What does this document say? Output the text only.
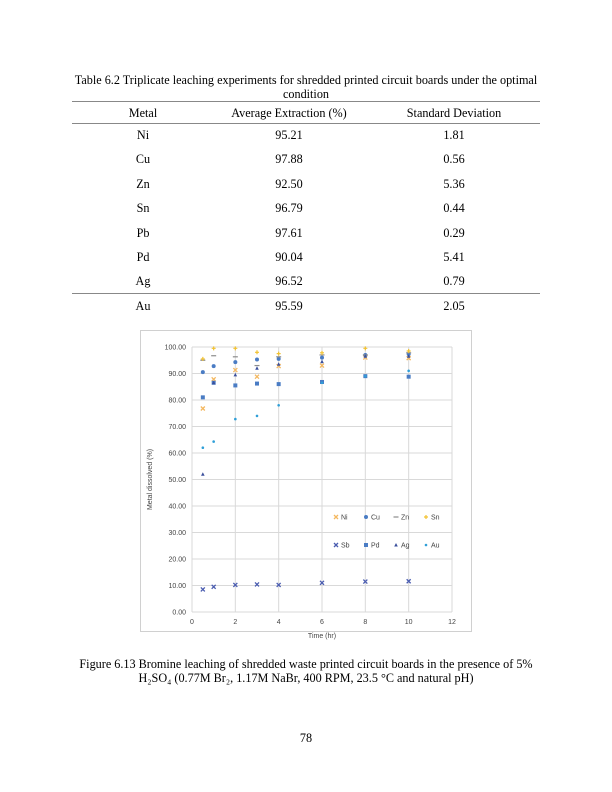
Table 6.2 Triplicate leaching experiments for shredded printed circuit boards under the optimal
condition
Metal	Average Extraction (%)	Standard Deviation
Ni	95.21	1.81
Cu	97.88	0.56
Zn	92.50	5.36
Sn	96.79	0.44
Pb	97.61	0.29
Pd	90.04	5.41
Ag	96.52	0.79
Au	95.59	2.05
0.00
10.00
20.00
30.00
40.00
50.00
60.00
70.00
80.00
90.00
100.00
0	2	4	6	8	10	12
Time (hr)
Metal dissolved (%)
Ni	Cu	Zn	Sn
Sb	Pd	Ag	Au
Figure 6.13 Bromine leaching of shredded waste printed circuit boards in the presence of 5%
H₂SO₄ (0.77M Br₂, 1.17M NaBr, 400 RPM, 23.5 °C and natural pH)
78
